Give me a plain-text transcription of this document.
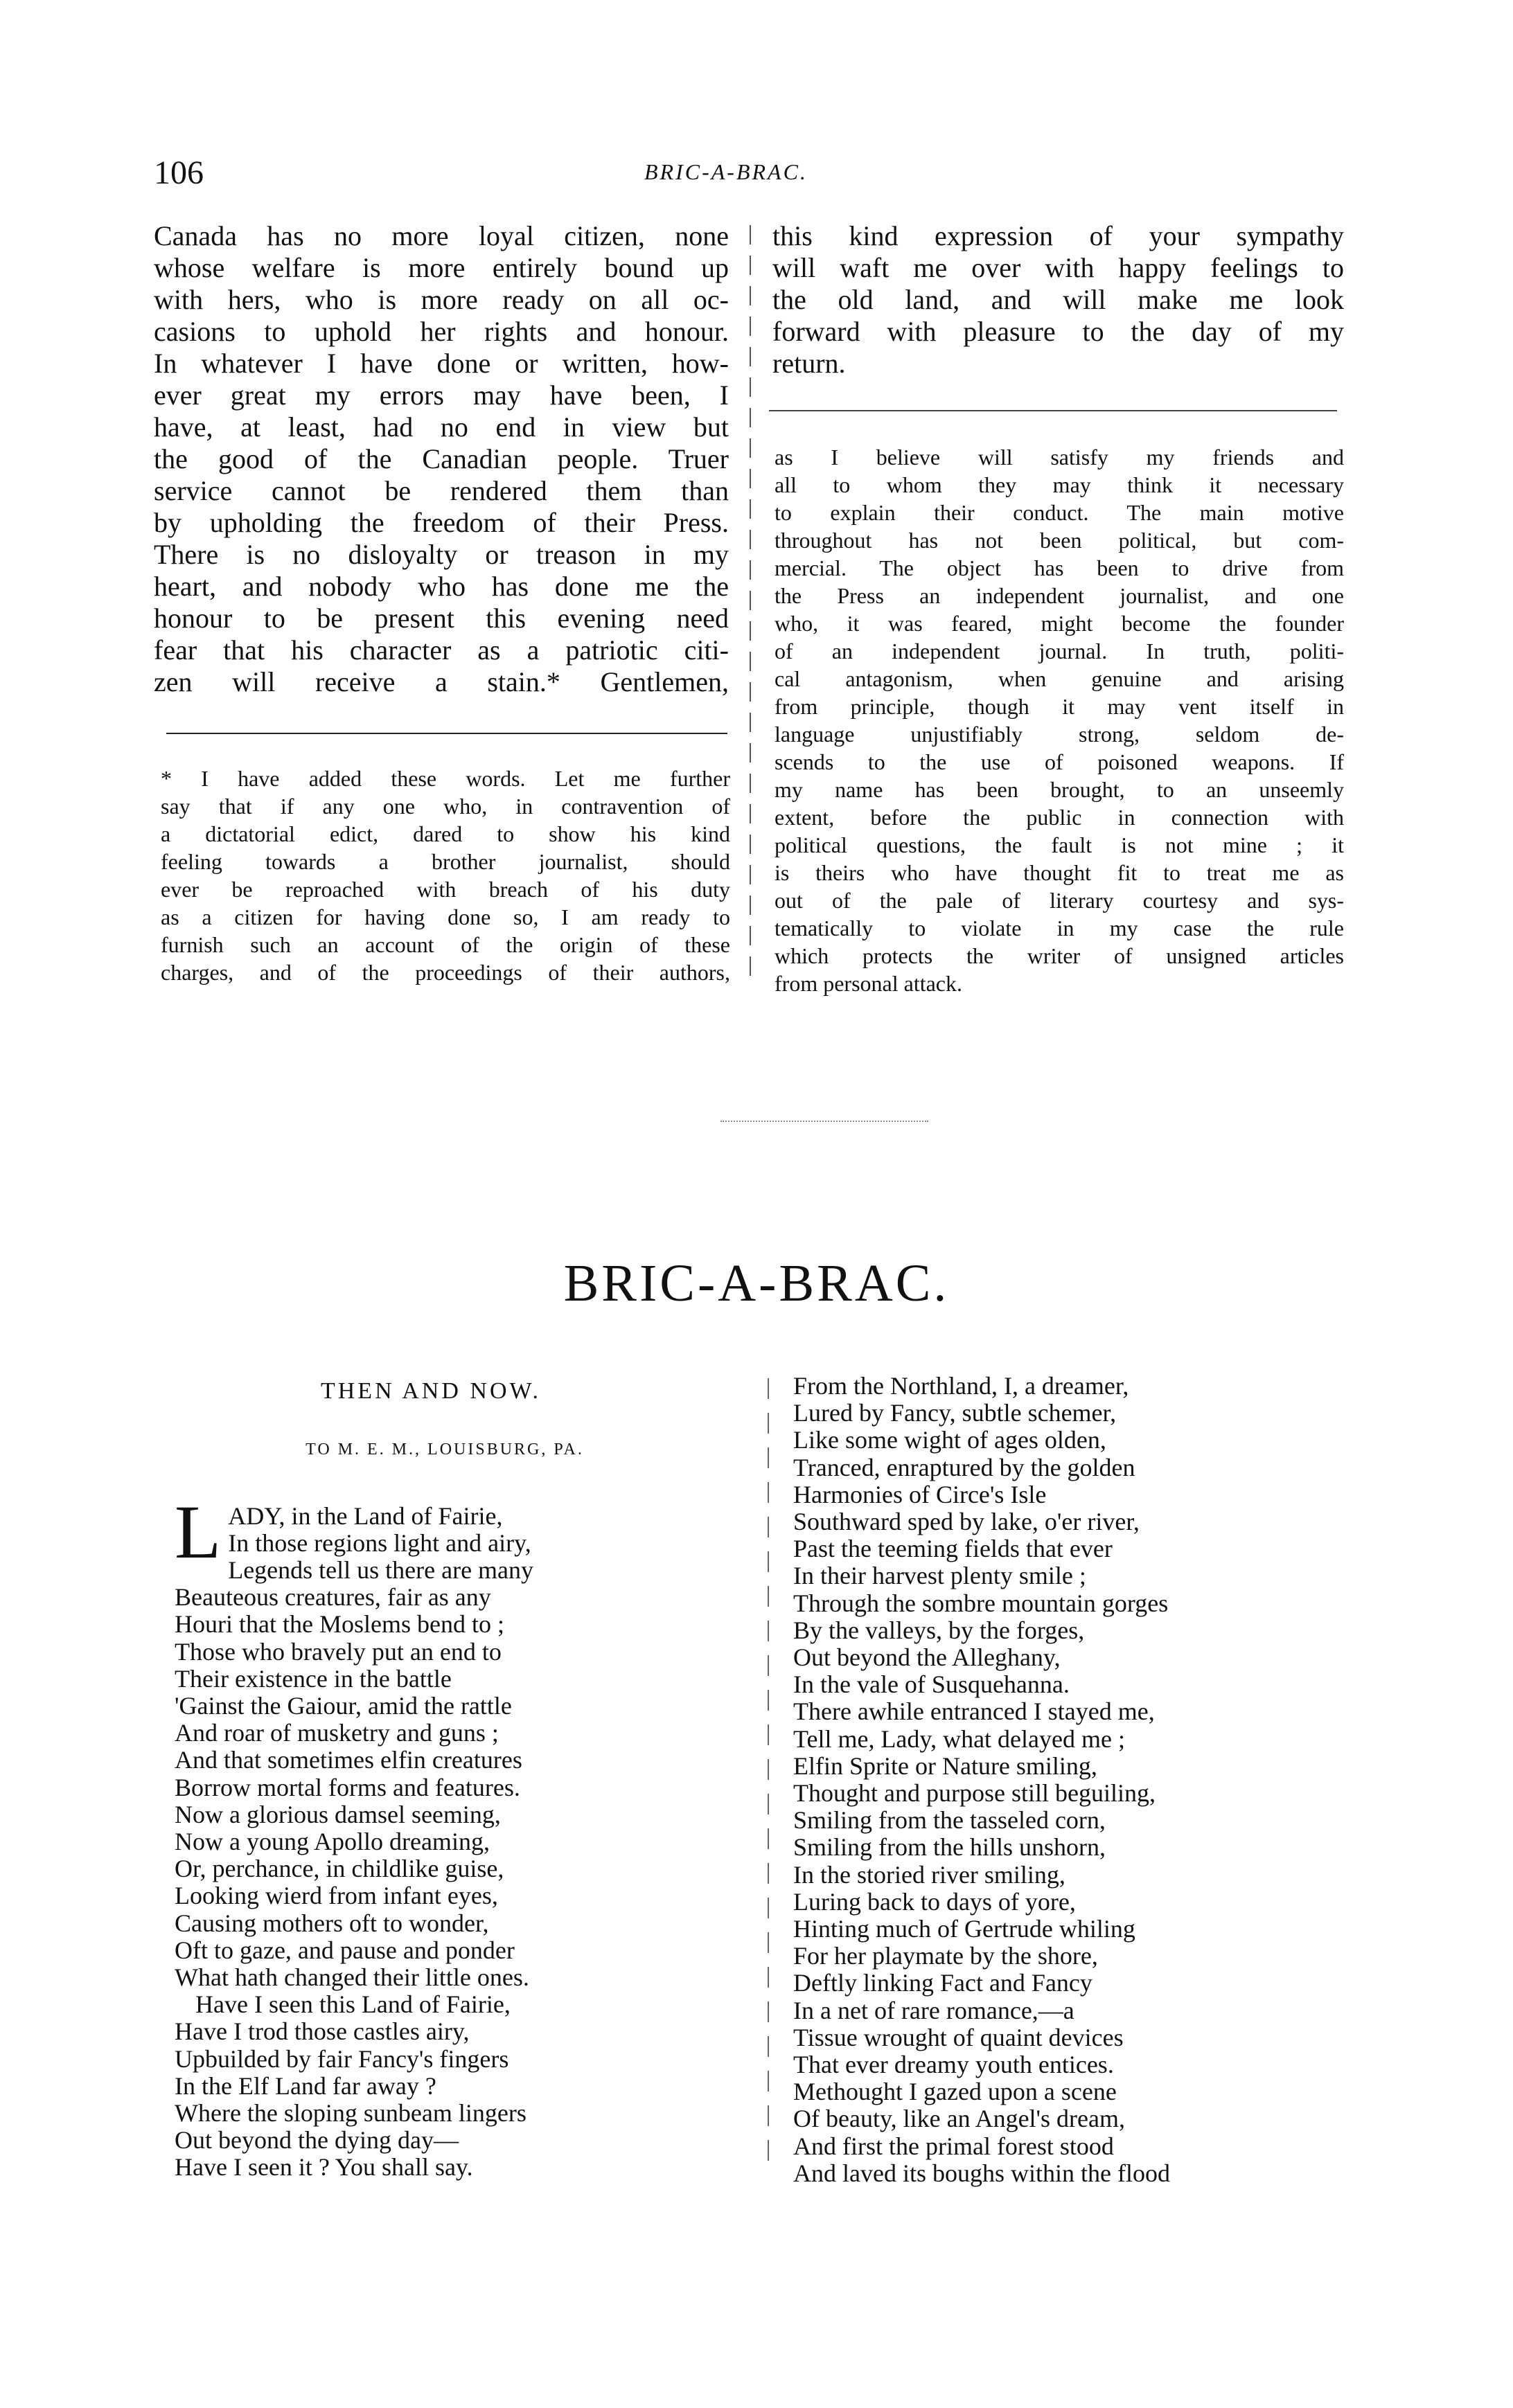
106	BRIC-A-BRAC.
Canada has no more loyal citizen, none
whose welfare is more entirely bound up
with hers, who is more ready on all oc-
casions to uphold her rights and honour.
In whatever I have done or written, how-
ever great my errors may have been, I
have, at least, had no end in view but
the good of the Canadian people. Truer
service cannot be rendered them than
by upholding the freedom of their Press.
There is no disloyalty or treason in my
heart, and nobody who has done me the
honour to be present this evening need
fear that his character as a patriotic citi-
zen will receive a stain.* Gentlemen,
* I have added these words. Let me further
say that if any one who, in contravention of
a dictatorial edict, dared to show his kind
feeling towards a brother journalist, should
ever be reproached with breach of his duty
as a citizen for having done so, I am ready to
furnish such an account of the origin of these
charges, and of the proceedings of their authors,
this kind expression of your sympathy
will waft me over with happy feelings to
the old land, and will make me look
forward with pleasure to the day of my
return.
as I believe will satisfy my friends and
all to whom they may think it necessary
to explain their conduct. The main motive
throughout has not been political, but com-
mercial. The object has been to drive from
the Press an independent journalist, and one
who, it was feared, might become the founder
of an independent journal. In truth, politi-
cal antagonism, when genuine and arising
from principle, though it may vent itself in
language unjustifiably strong, seldom de-
scends to the use of poisoned weapons. If
my name has been brought, to an unseemly
extent, before the public in connection with
political questions, the fault is not mine ; it
is theirs who have thought fit to treat me as
out of the pale of literary courtesy and sys-
tematically to violate in my case the rule
which protects the writer of unsigned articles
from personal attack.
BRIC-A-BRAC.
THEN AND NOW.
TO M. E. M., LOUISBURG, PA.
L ADY, in the Land of Fairie,

In those regions light and airy,

Legends tell us there are many

Beauteous creatures, fair as any

Houri that the Moslems bend to ;

Those who bravely put an end to

Their existence in the battle

'Gainst the Gaiour, amid the rattle

And roar of musketry and guns ;

And that sometimes elfin creatures

Borrow mortal forms and features.

Now a glorious damsel seeming,

Now a young Apollo dreaming,

Or, perchance, in childlike guise,

Looking wierd from infant eyes,

Causing mothers oft to wonder,

Oft to gaze, and pause and ponder

What hath changed their little ones.

Have I seen this Land of Fairie,

Have I trod those castles airy,

Upbuilded by fair Fancy's fingers

In the Elf Land far away ?

Where the sloping sunbeam lingers

Out beyond the dying day—

Have I seen it ? You shall say.

From the Northland, I, a dreamer,

Lured by Fancy, subtle schemer,

Like some wight of ages olden,

Tranced, enraptured by the golden

Harmonies of Circe's Isle

Southward sped by lake, o'er river,

Past the teeming fields that ever

In their harvest plenty smile ;

Through the sombre mountain gorges

By the valleys, by the forges,

Out beyond the Alleghany,

In the vale of Susquehanna.

There awhile entranced I stayed me,

Tell me, Lady, what delayed me ;

Elfin Sprite or Nature smiling,

Thought and purpose still beguiling,

Smiling from the tasseled corn,

Smiling from the hills unshorn,

In the storied river smiling,

Luring back to days of yore,

Hinting much of Gertrude whiling

For her playmate by the shore,

Deftly linking Fact and Fancy

In a net of rare romance,—a

Tissue wrought of quaint devices

That ever dreamy youth entices.

Methought I gazed upon a scene

Of beauty, like an Angel's dream,

And first the primal forest stood

And laved its boughs within the flood
